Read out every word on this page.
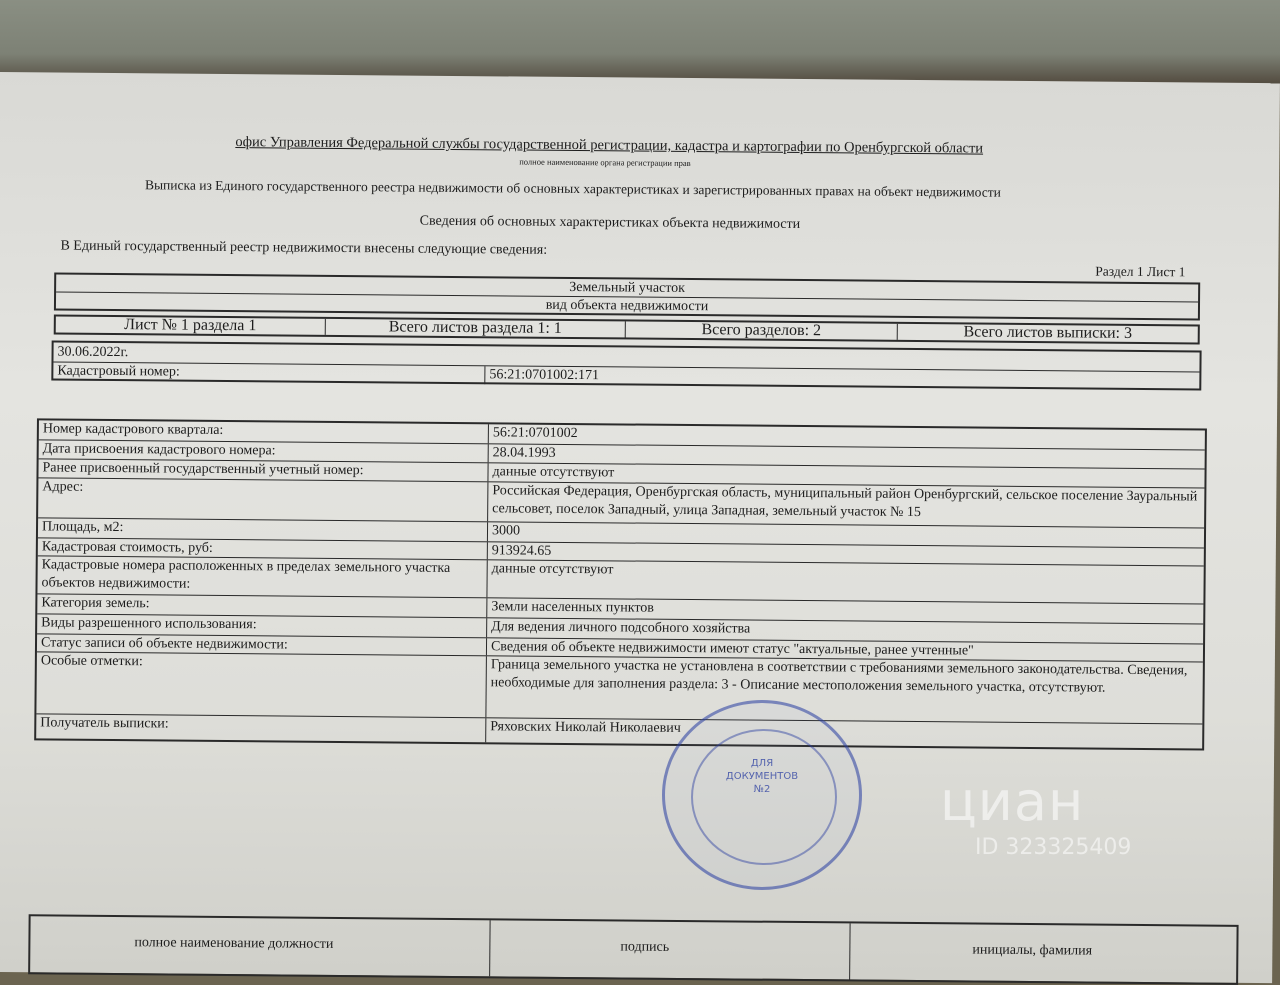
офис Управления Федеральной службы государственной регистрации, кадастра и картографии по Оренбургской области
полное наименование органа регистрации прав
Выписка из Единого государственного реестра недвижимости об основных характеристиках и зарегистрированных правах на объект недвижимости
Сведения об основных характеристиках объекта недвижимости
В Единый государственный реестр недвижимости внесены следующие сведения:
Раздел 1 Лист 1
Земельный участок
вид объекта недвижимости
Лист № 1 раздела 1	Всего листов раздела 1: 1	Всего разделов: 2	Всего листов выписки: 3
30.06.2022г.
Кадастровый номер:	56:21:0701002:171
Номер кадастрового квартала:	56:21:0701002
Дата присвоения кадастрового номера:	28.04.1993
Ранее присвоенный государственный учетный номер:	данные отсутствуют
Адрес:	Российская Федерация, Оренбургская область, муниципальный район Оренбургский, сельское поселение Зауральный сельсовет, поселок Западный, улица Западная, земельный участок № 15
Площадь, м2:	3000
Кадастровая стоимость, руб:	913924.65
Кадастровые номера расположенных в пределах земельного участка объектов недвижимости:
данные отсутствуют
Категория земель:	Земли населенных пунктов
Виды разрешенного использования:	Для ведения личного подсобного хозяйства
Статус записи об объекте недвижимости:	Сведения об объекте недвижимости имеют статус "актуальные, ранее учтенные"
Особые отметки:	Граница земельного участка не установлена в соответствии с требованиями земельного законодательства. Сведения, необходимые для заполнения раздела: 3 - Описание местоположения земельного участка, отсутствуют.
Получатель выписки:	Ряховских Николай Николаевич
полное наименование должности	подпись	инициалы, фамилия
ДЛЯ ДОКУМЕНТОВ №2	циан
ID 323325409
